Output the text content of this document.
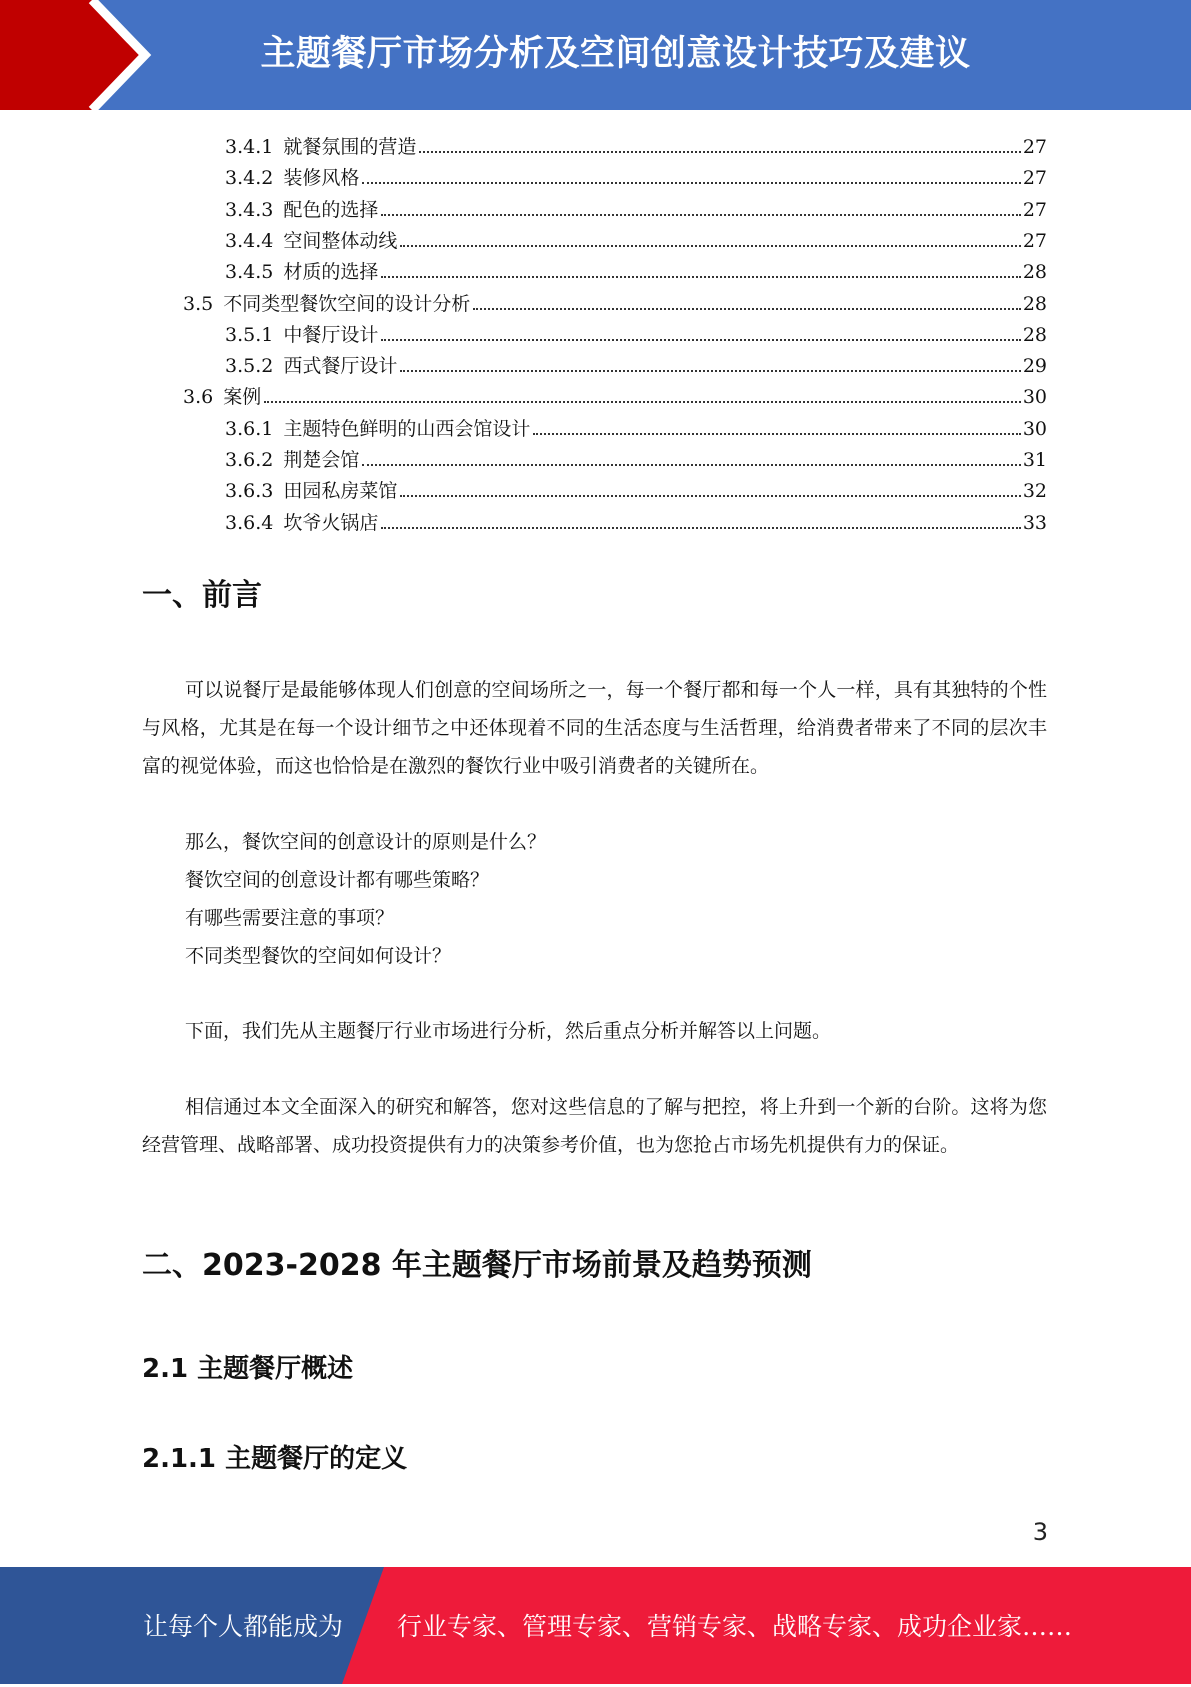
主题餐厅市场分析及空间创意设计技巧及建议
3.4.1 就餐氛围的营造	27
3.4.2 装修风格	27
3.4.3 配色的选择	27
3.4.4 空间整体动线	27
3.4.5 材质的选择	28
3.5 不同类型餐饮空间的设计分析	28
3.5.1 中餐厅设计	28
3.5.2 西式餐厅设计	29
3.6 案例	30
3.6.1 主题特色鲜明的山西会馆设计	30
3.6.2 荆楚会馆	31
3.6.3 田园私房菜馆	32
3.6.4 坎爷火锅店	33
一、前言

可以说餐厅是最能够体现人们创意的空间场所之一，每一个餐厅都和每一个人一样，具有其独特的个性与风格，尤其是在每一个设计细节之中还体现着不同的生活态度与生活哲理，给消费者带来了不同的层次丰富的视觉体验，而这也恰恰是在激烈的餐饮行业中吸引消费者的关键所在。

那么，餐饮空间的创意设计的原则是什么？

餐饮空间的创意设计都有哪些策略？

有哪些需要注意的事项？

不同类型餐饮的空间如何设计？

下面，我们先从主题餐厅行业市场进行分析，然后重点分析并解答以上问题。

相信通过本文全面深入的研究和解答，您对这些信息的了解与把控，将上升到一个新的台阶。这将为您经营管理、战略部署、成功投资提供有力的决策参考价值，也为您抢占市场先机提供有力的保证。

二、2023-2028 年主题餐厅市场前景及趋势预测
2.1 主题餐厅概述
2.1.1 主题餐厅的定义
3
让每个人都能成为 行业专家、管理专家、营销专家、战略专家、成功企业家……
